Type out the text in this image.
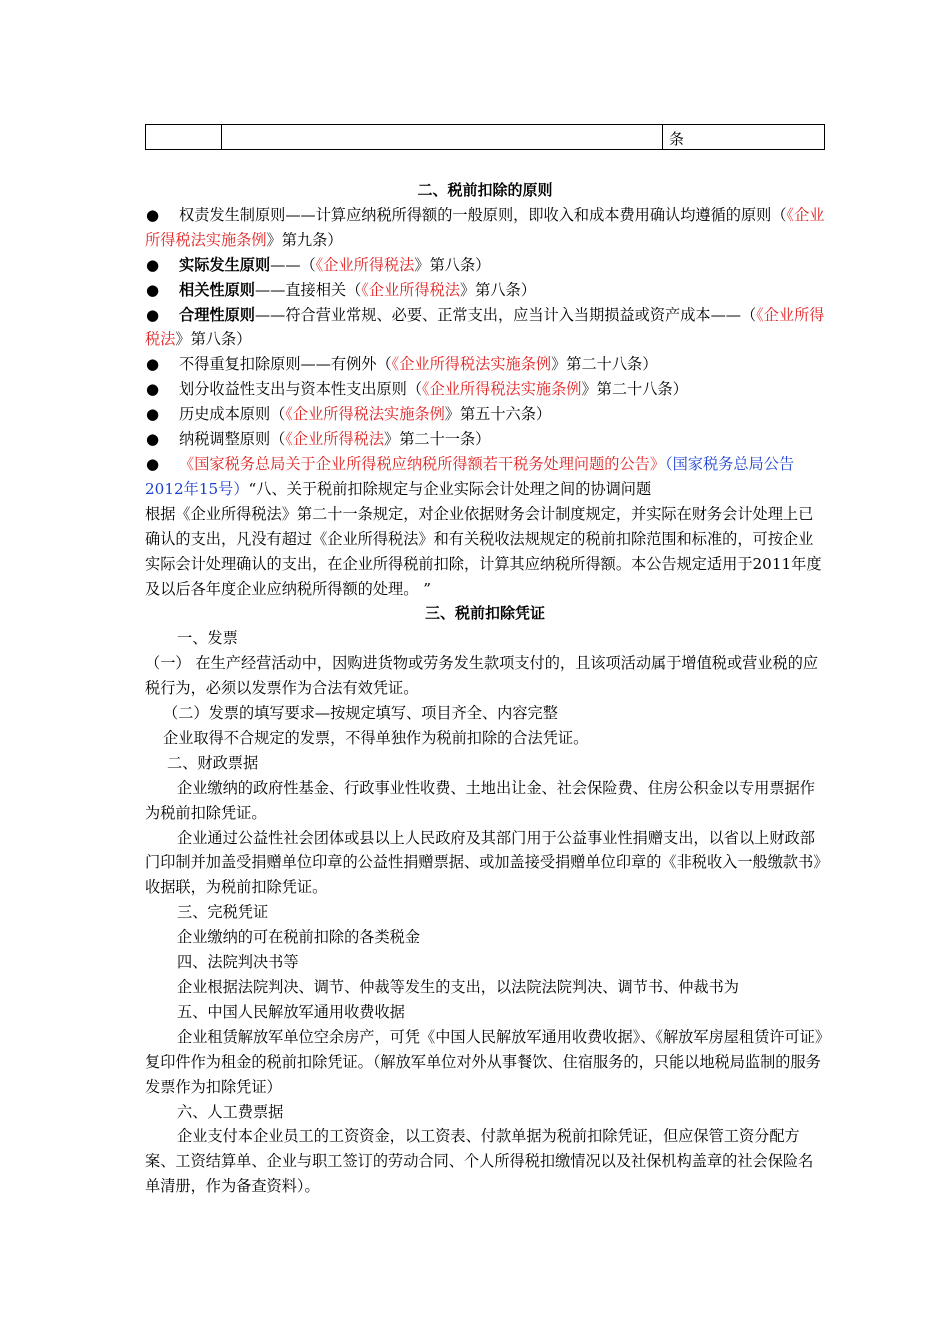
		条
二、税前扣除的原则
● 权责发生制原则——计算应纳税所得额的一般原则，即收入和成本费用确认均遵循的原则（《企业所得税法实施条例》第九条）
● 实际发生原则——（《企业所得税法》第八条）
● 相关性原则——直接相关（《企业所得税法》第八条）
● 合理性原则——符合营业常规、必要、正常支出，应当计入当期损益或资产成本——（《企业所得税法》第八条）
● 不得重复扣除原则——有例外（《企业所得税法实施条例》第二十八条）
● 划分收益性支出与资本性支出原则（《企业所得税法实施条例》第二十八条）
● 历史成本原则（《企业所得税法实施条例》第五十六条）
● 纳税调整原则（《企业所得税法》第二十一条）
● 《国家税务总局关于企业所得税应纳税所得额若干税务处理问题的公告》（国家税务总局公告2012年15号）“八、关于税前扣除规定与企业实际会计处理之间的协调问题
根据《企业所得税法》第二十一条规定，对企业依据财务会计制度规定，并实际在财务会计处理上已确认的支出，凡没有超过《企业所得税法》和有关税收法规规定的税前扣除范围和标准的，可按企业实际会计处理确认的支出，在企业所得税前扣除，计算其应纳税所得额。本公告规定适用于2011年度及以后各年度企业应纳税所得额的处理。 ”
三、税前扣除凭证
一、发票
（一） 在生产经营活动中，因购进货物或劳务发生款项支付的，且该项活动属于增值税或营业税的应税行为，必须以发票作为合法有效凭证。
（二）发票的填写要求—按规定填写、项目齐全、内容完整
企业取得不合规定的发票，不得单独作为税前扣除的合法凭证。
二、财政票据
企业缴纳的政府性基金、行政事业性收费、土地出让金、社会保险费、住房公积金以专用票据作为税前扣除凭证。
企业通过公益性社会团体或县以上人民政府及其部门用于公益事业性捐赠支出，以省以上财政部门印制并加盖受捐赠单位印章的公益性捐赠票据、或加盖接受捐赠单位印章的《非税收入一般缴款书》收据联，为税前扣除凭证。
三、完税凭证
企业缴纳的可在税前扣除的各类税金
四、法院判决书等
企业根据法院判决、调节、仲裁等发生的支出，以法院法院判决、调节书、仲裁书为
五、中国人民解放军通用收费收据
企业租赁解放军单位空余房产，可凭《中国人民解放军通用收费收据》、《解放军房屋租赁许可证》复印件作为租金的税前扣除凭证。（解放军单位对外从事餐饮、住宿服务的，只能以地税局监制的服务发票作为扣除凭证）
六、人工费票据
企业支付本企业员工的工资资金，以工资表、付款单据为税前扣除凭证，但应保管工资分配方案、工资结算单、企业与职工签订的劳动合同、个人所得税扣缴情况以及社保机构盖章的社会保险名单清册，作为备查资料）。
